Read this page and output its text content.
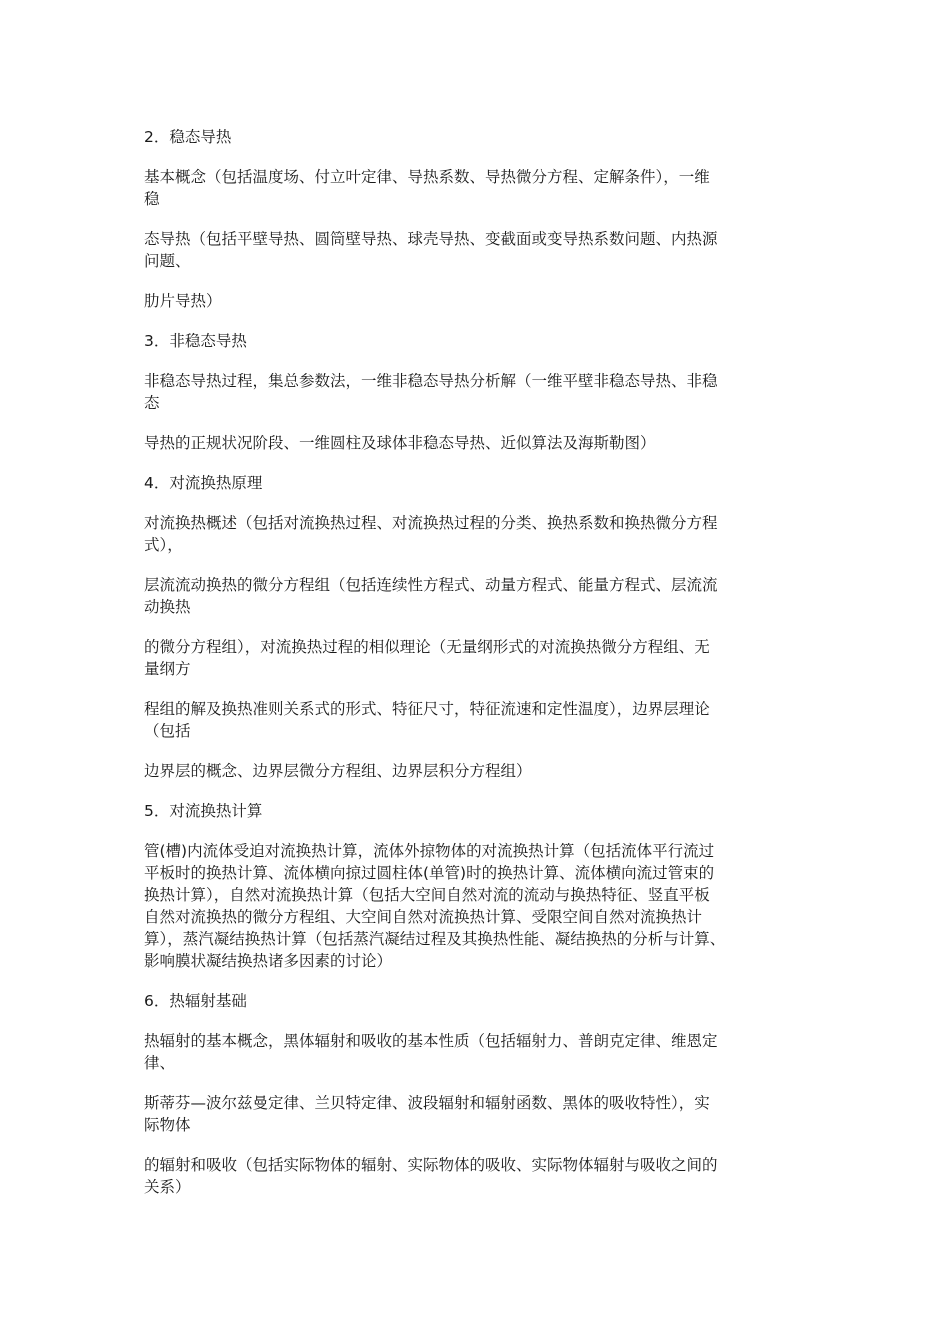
2．稳态导热
基本概念（包括温度场、付立叶定律、导热系数、导热微分方程、定解条件），一维
稳
态导热（包括平壁导热、圆筒壁导热、球壳导热、变截面或变导热系数问题、内热源
问题、
肋片导热）
3．非稳态导热
非稳态导热过程，集总参数法，一维非稳态导热分析解（一维平壁非稳态导热、非稳
态
导热的正规状况阶段、一维圆柱及球体非稳态导热、近似算法及海斯勒图）
4．对流换热原理
对流换热概述（包括对流换热过程、对流换热过程的分类、换热系数和换热微分方程
式），
层流流动换热的微分方程组（包括连续性方程式、动量方程式、能量方程式、层流流
动换热
的微分方程组），对流换热过程的相似理论（无量纲形式的对流换热微分方程组、无
量纲方
程组的解及换热准则关系式的形式、特征尺寸，特征流速和定性温度），边界层理论
（包括
边界层的概念、边界层微分方程组、边界层积分方程组）
5．对流换热计算
管(槽)内流体受迫对流换热计算，流体外掠物体的对流换热计算（包括流体平行流过
平板时的换热计算、流体横向掠过圆柱体(单管)时的换热计算、流体横向流过管束的
换热计算），自然对流换热计算（包括大空间自然对流的流动与换热特征、竖直平板
自然对流换热的微分方程组、大空间自然对流换热计算、受限空间自然对流换热计
算），蒸汽凝结换热计算（包括蒸汽凝结过程及其换热性能、凝结换热的分析与计算、
影响膜状凝结换热诸多因素的讨论）
6．热辐射基础
热辐射的基本概念，黑体辐射和吸收的基本性质（包括辐射力、普朗克定律、维恩定
律、
斯蒂芬—波尔兹曼定律、兰贝特定律、波段辐射和辐射函数、黑体的吸收特性），实
际物体
的辐射和吸收（包括实际物体的辐射、实际物体的吸收、实际物体辐射与吸收之间的
关系）
